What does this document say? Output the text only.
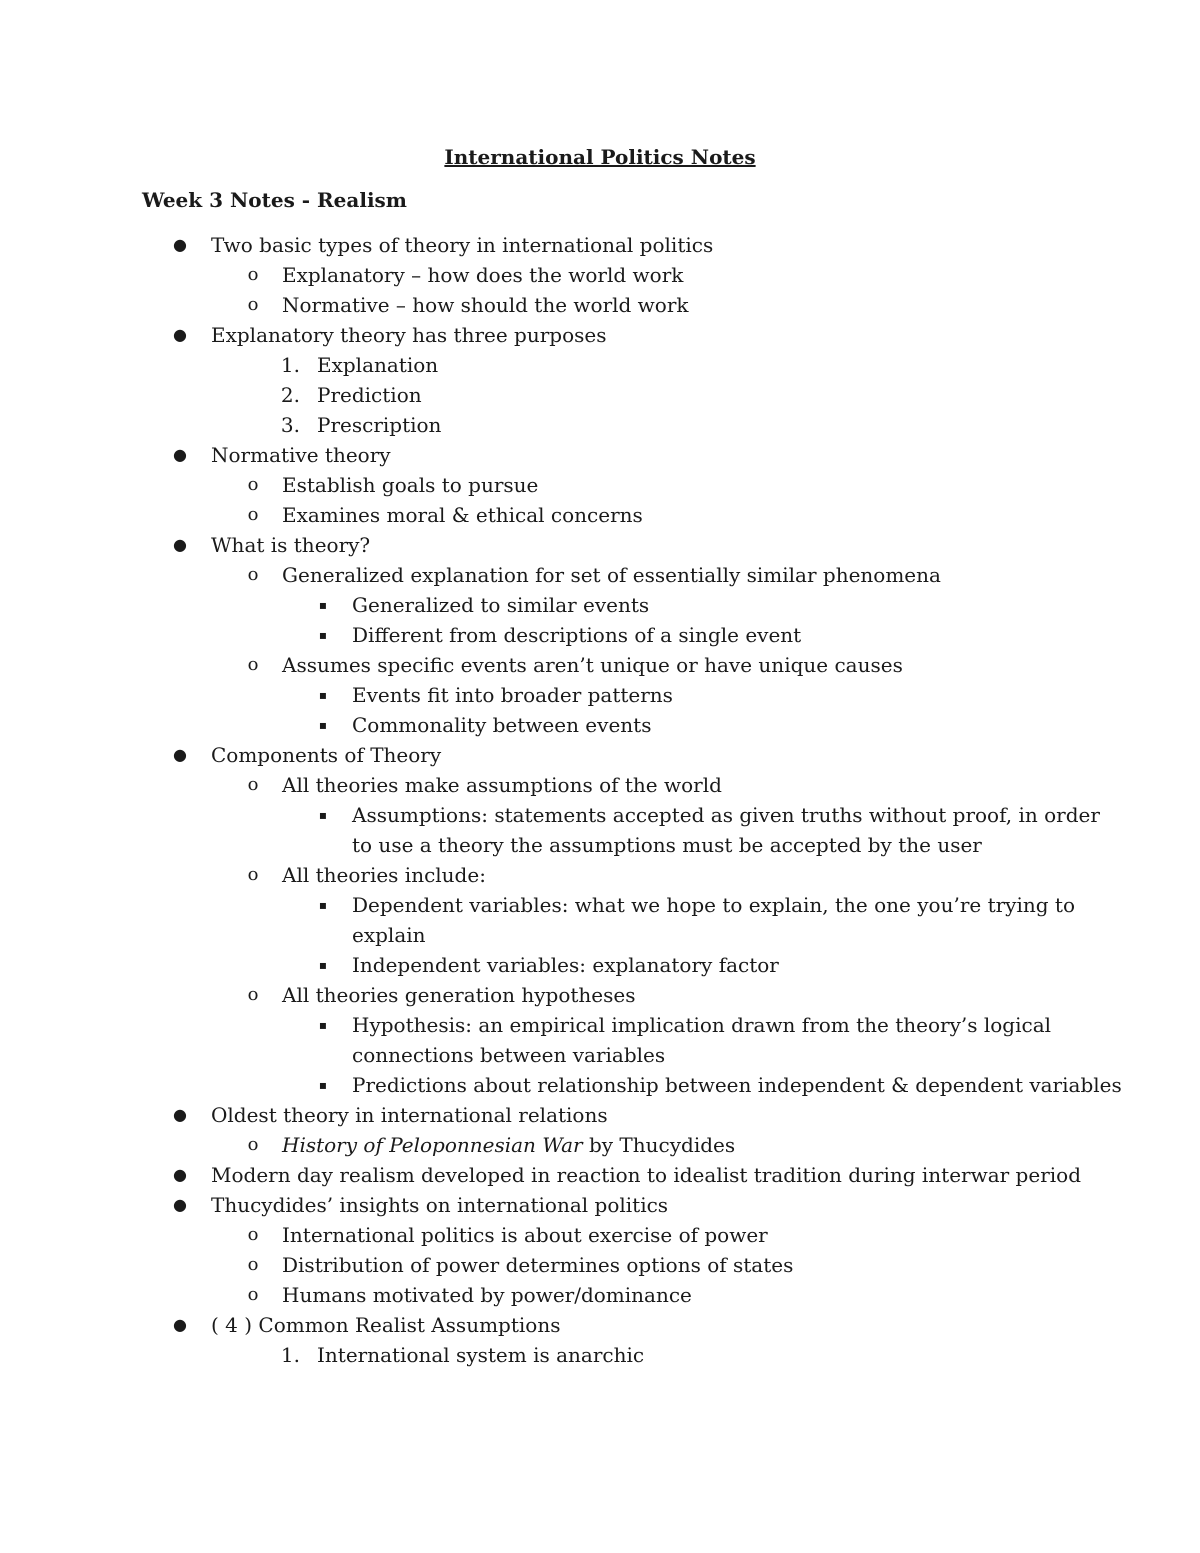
International Politics Notes
Week 3 Notes - Realism
● Two basic types of theory in international politics
o Explanatory – how does the world work
o Normative – how should the world work
● Explanatory theory has three purposes
1. Explanation
2. Prediction
3. Prescription
● Normative theory
o Establish goals to pursue
o Examines moral & ethical concerns
● What is theory?
o Generalized explanation for set of essentially similar phenomena
▪ Generalized to similar events
▪ Different from descriptions of a single event
o Assumes specific events aren’t unique or have unique causes
▪ Events fit into broader patterns
▪ Commonality between events
● Components of Theory
o All theories make assumptions of the world
▪ Assumptions: statements accepted as given truths without proof, in order
to use a theory the assumptions must be accepted by the user
o All theories include:
▪ Dependent variables: what we hope to explain, the one you’re trying to
explain
▪ Independent variables: explanatory factor
o All theories generation hypotheses
▪ Hypothesis: an empirical implication drawn from the theory’s logical
connections between variables
▪ Predictions about relationship between independent & dependent variables
● Oldest theory in international relations
o History of Peloponnesian War by Thucydides
● Modern day realism developed in reaction to idealist tradition during interwar period
● Thucydides’ insights on international politics
o International politics is about exercise of power
o Distribution of power determines options of states
o Humans motivated by power/dominance
● ( 4 ) Common Realist Assumptions
1. International system is anarchic
